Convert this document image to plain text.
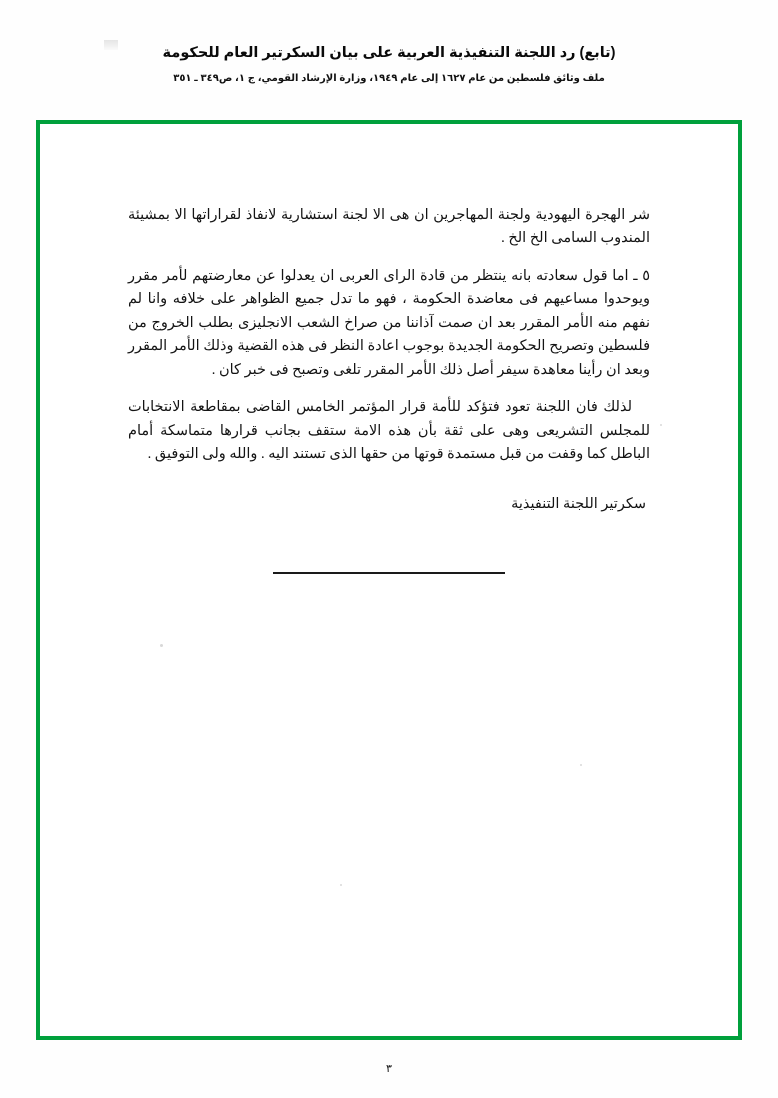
(تابع) رد اللجنة التنفيذية العربية على بيان السكرتير العام للحكومة
ملف وثائق فلسطين من عام ١٦٢٧ إلى عام ١٩٤٩، وزارة الإرشاد القومي، ج ١، ص٣٤٩ ـ ٣٥١

شر الهجرة اليهودية ولجنة المهاجرين ان هى الا لجنة استشارية لانفاذ لقراراتها الا بمشيئة المندوب السامى الخ الخ .

٥ ـ اما قول سعادته بانه ينتظر من قادة الراى العربى ان يعدلوا عن معارضتهم لأمر مقرر ويوحدوا مساعيهم فى معاضدة الحكومة ، فهو ما تدل جميع الظواهر على خلافه وانا لم نفهم منه الأمر المقرر بعد ان صمت آذاننا من صراخ الشعب الانجليزى بطلب الخروج من فلسطين وتصريح الحكومة الجديدة بوجوب اعادة النظر فى هذه القضية وذلك الأمر المقرر وبعد ان رأينا معاهدة سيفر أصل ذلك الأمر المقرر تلغى وتصبح فى خبر كان .

لذلك فان اللجنة تعود فتؤكد للأمة قرار المؤتمر الخامس القاضى بمقاطعة الانتخابات للمجلس التشريعى وهى على ثقة بأن هذه الامة ستقف بجانب قرارها متماسكة أمام الباطل كما وقفت من قبل مستمدة قوتها من حقها الذى تستند اليه . والله ولى التوفيق .

سكرتير اللجنة التنفيذية
٣
